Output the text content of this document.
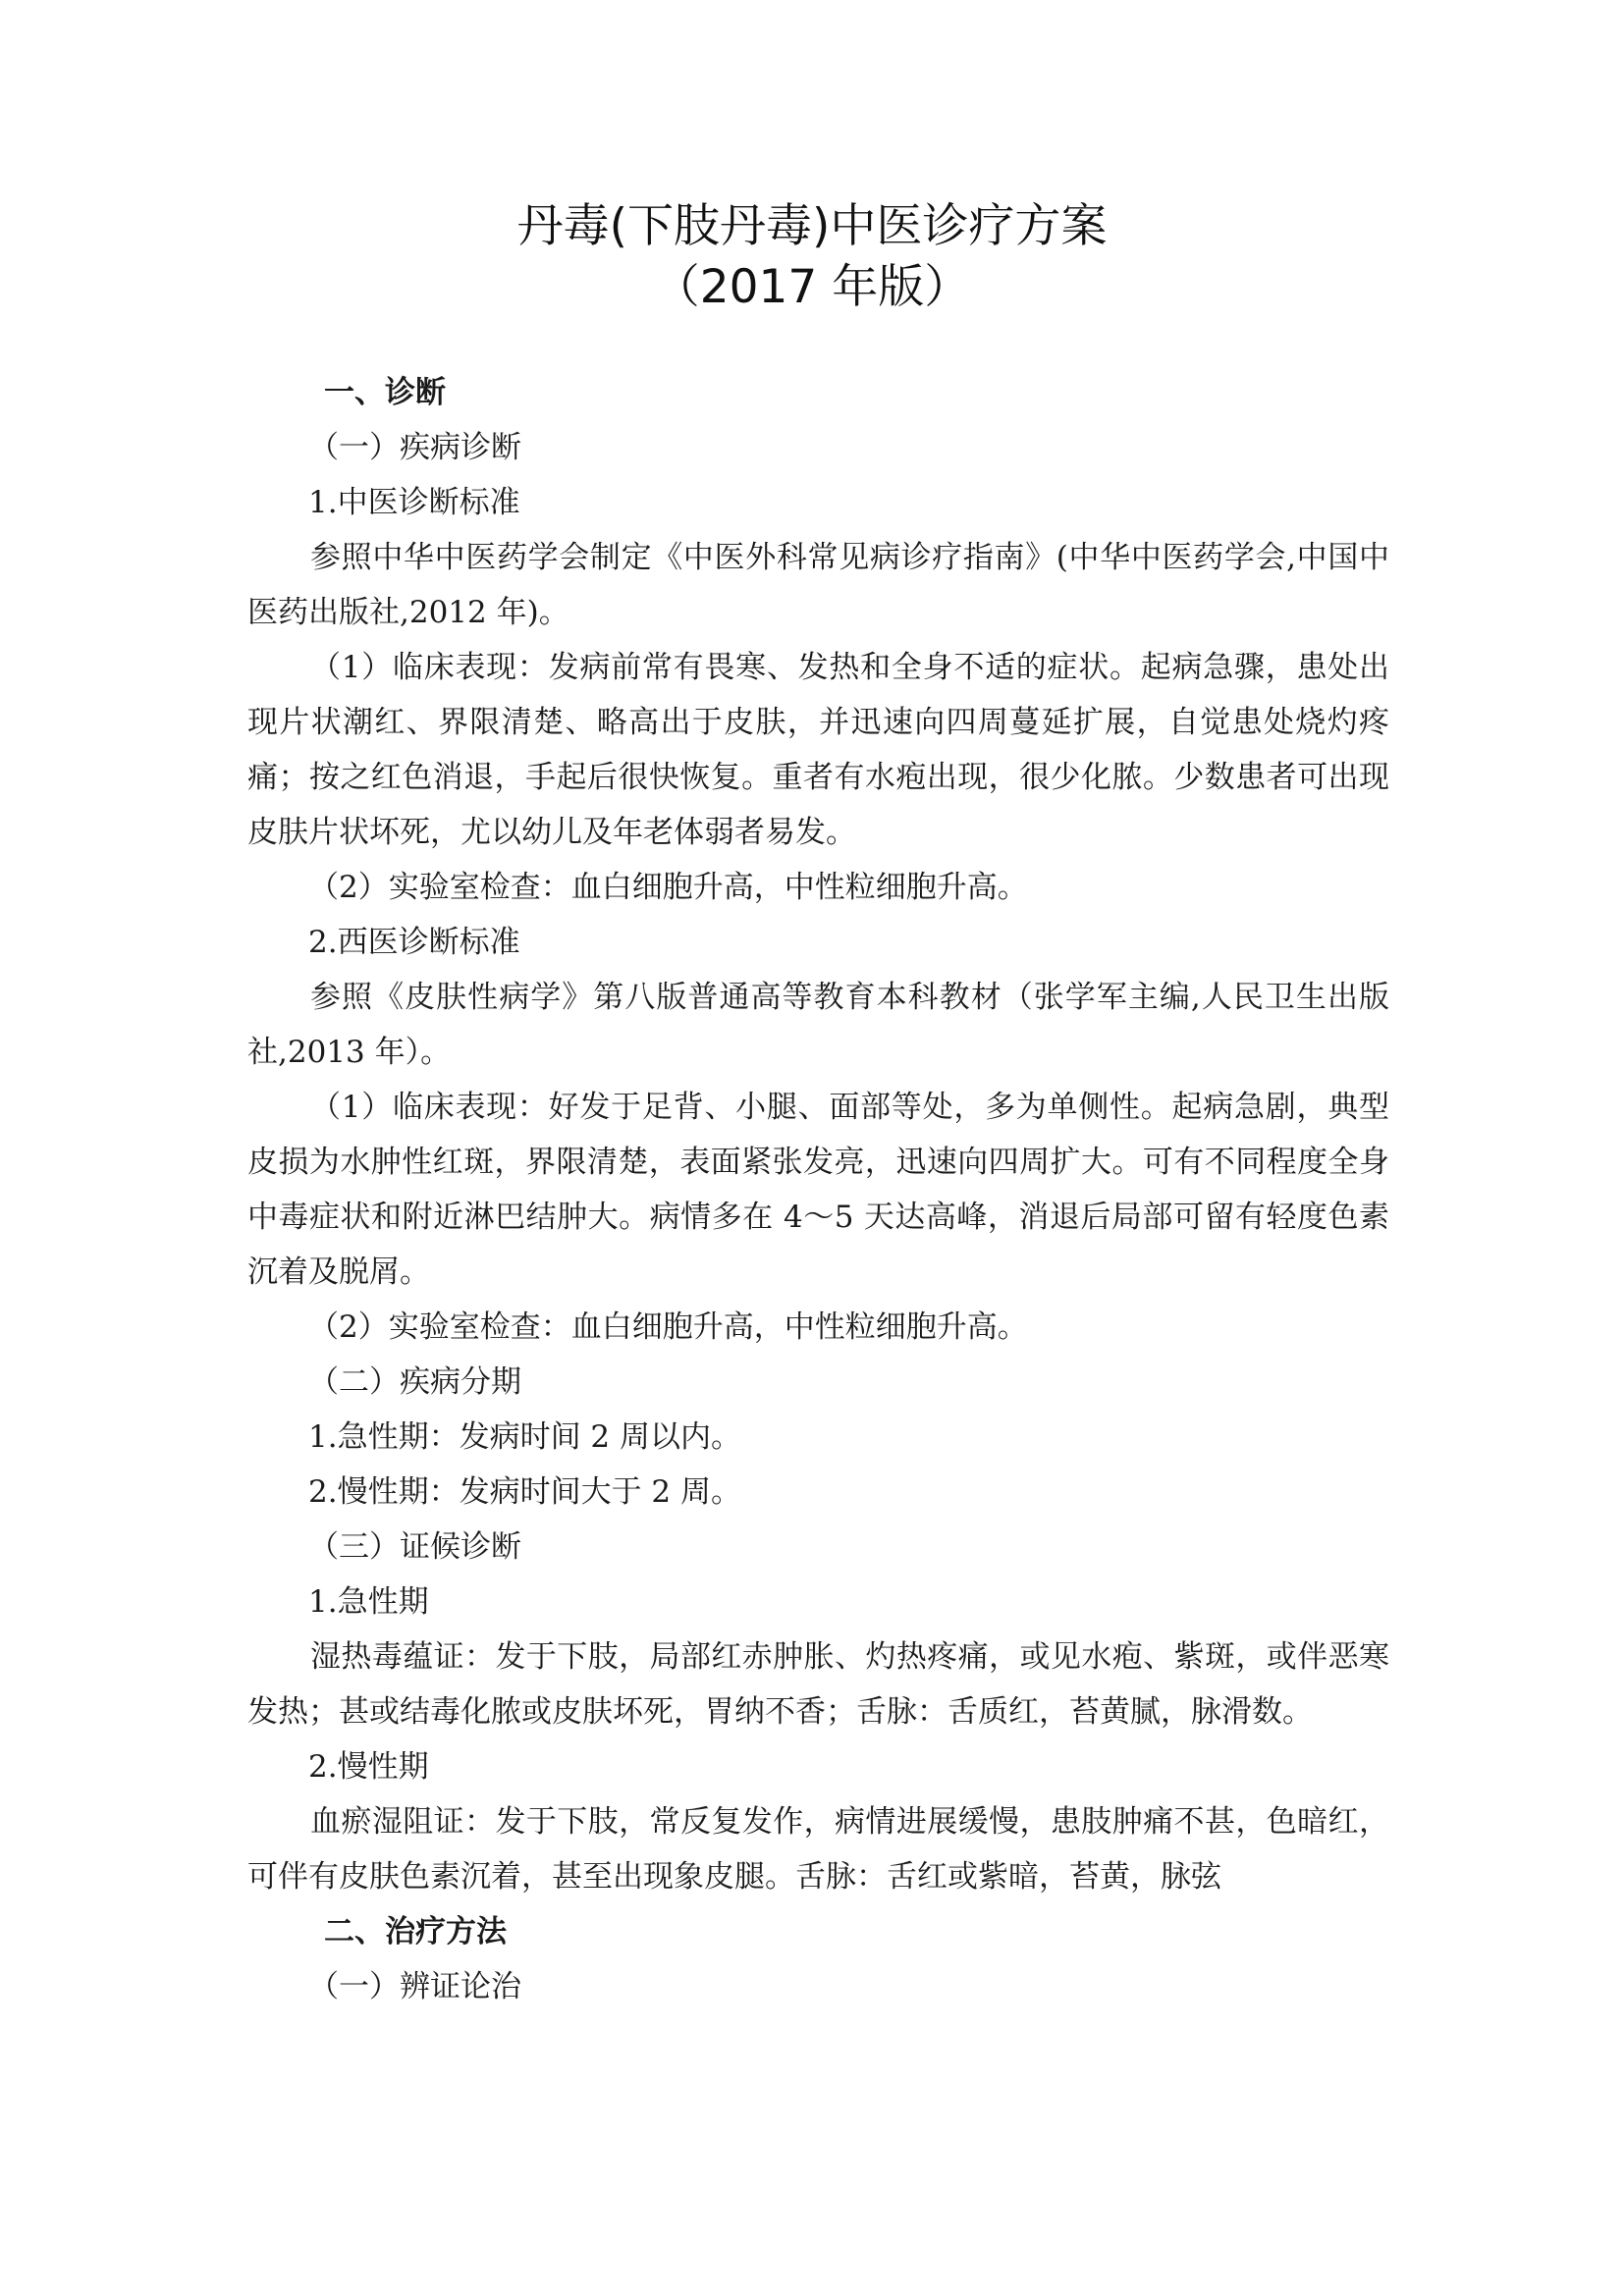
丹毒(下肢丹毒)中医诊疗方案
（2017 年版）

一、诊断

（一）疾病诊断

1.中医诊断标准

参照中华中医药学会制定《中医外科常见病诊疗指南》(中华中医药学会,中国中医药出版社,2012 年)。

（1）临床表现：发病前常有畏寒、发热和全身不适的症状。起病急骤，患处出现片状潮红、界限清楚、略高出于皮肤，并迅速向四周蔓延扩展，自觉患处烧灼疼痛；按之红色消退，手起后很快恢复。重者有水疱出现，很少化脓。少数患者可出现皮肤片状坏死，尤以幼儿及年老体弱者易发。

（2）实验室检查：血白细胞升高，中性粒细胞升高。

2.西医诊断标准

参照《皮肤性病学》第八版普通高等教育本科教材（张学军主编,人民卫生出版社,2013 年）。

（1）临床表现：好发于足背、小腿、面部等处，多为单侧性。起病急剧，典型皮损为水肿性红斑，界限清楚，表面紧张发亮，迅速向四周扩大。可有不同程度全身中毒症状和附近淋巴结肿大。病情多在 4～5 天达高峰，消退后局部可留有轻度色素沉着及脱屑。

（2）实验室检查：血白细胞升高，中性粒细胞升高。

（二）疾病分期

1.急性期：发病时间 2 周以内。

2.慢性期：发病时间大于 2 周。

（三）证候诊断

1.急性期

湿热毒蕴证：发于下肢，局部红赤肿胀、灼热疼痛，或见水疱、紫斑，或伴恶寒发热；甚或结毒化脓或皮肤坏死，胃纳不香；舌脉：舌质红，苔黄腻，脉滑数。

2.慢性期

血瘀湿阻证：发于下肢，常反复发作，病情进展缓慢，患肢肿痛不甚，色暗红，可伴有皮肤色素沉着，甚至出现象皮腿。舌脉：舌红或紫暗，苔黄，脉弦

二、治疗方法

（一）辨证论治
